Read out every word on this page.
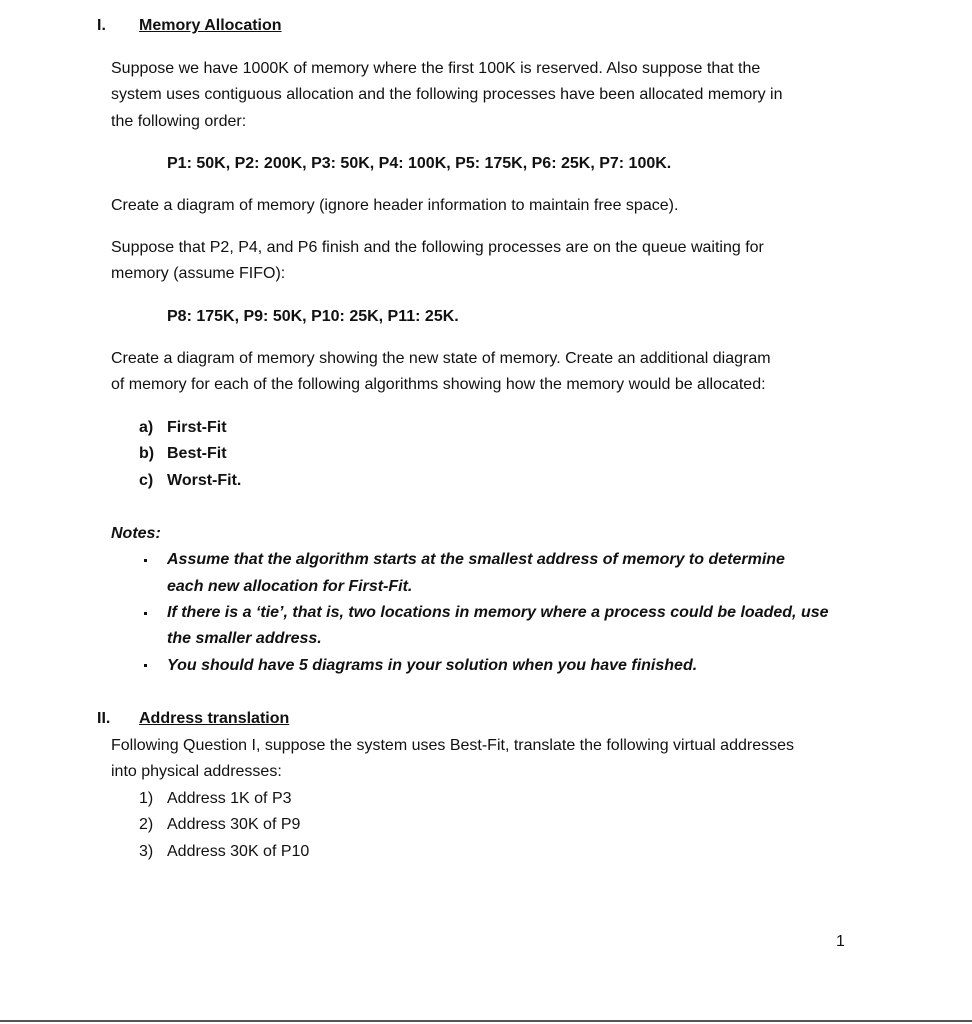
I. Memory Allocation
Suppose we have 1000K of memory where the first 100K is reserved. Also suppose that the
system uses contiguous allocation and the following processes have been allocated memory in
the following order:
P1: 50K, P2: 200K, P3: 50K, P4: 100K, P5: 175K, P6: 25K, P7: 100K.
Create a diagram of memory (ignore header information to maintain free space).
Suppose that P2, P4, and P6 finish and the following processes are on the queue waiting for
memory (assume FIFO):
P8: 175K, P9: 50K, P10: 25K, P11: 25K.
Create a diagram of memory showing the new state of memory. Create an additional diagram
of memory for each of the following algorithms showing how the memory would be allocated:
a) First-Fit
b) Best-Fit
c) Worst-Fit.
Notes:
Assume that the algorithm starts at the smallest address of memory to determine
each new allocation for First-Fit.
If there is a ‘tie’, that is, two locations in memory where a process could be loaded, use
the smaller address.
You should have 5 diagrams in your solution when you have finished.
II. Address translation
Following Question I, suppose the system uses Best-Fit, translate the following virtual addresses
into physical addresses:
1) Address 1K of P3
2) Address 30K of P9
3) Address 30K of P10
1
